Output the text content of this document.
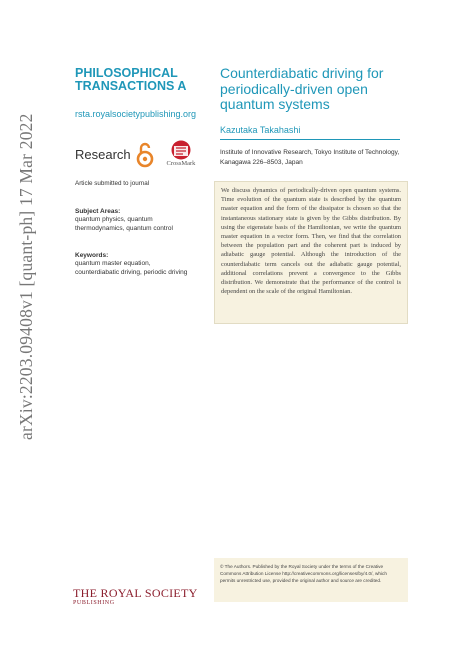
arXiv:2203.09408v1 [quant-ph] 17 Mar 2022
PHILOSOPHICAL TRANSACTIONS A
rsta.royalsocietypublishing.org
Research
CrossMark
Article submitted to journal
Subject Areas:
quantum physics, quantum thermodynamics, quantum control
Keywords:
quantum master equation, counterdiabatic driving, periodic driving
Counterdiabatic driving for periodically-driven open quantum systems
Kazutaka Takahashi
Institute of Innovative Research, Tokyo Institute of Technology, Kanagawa 226–8503, Japan
We discuss dynamics of periodically-driven open quantum systems. Time evolution of the quantum state is described by the quantum master equation and the form of the dissipator is chosen so that the instantaneous stationary state is given by the Gibbs distribution. By using the eigenstate basis of the Hamiltonian, we write the quantum master equation in a vector form. Then, we find that the correlation between the population part and the coherent part is induced by adiabatic gauge potential. Although the introduction of the counterdiabatic term cancels out the adiabatic gauge potential, additional correlations prevent a convergence to the Gibbs distribution. We demonstrate that the performance of the control is dependent on the scale of the original Hamiltonian.
© The Authors. Published by the Royal Society under the terms of the Creative Commons Attribution License http://creativecommons.org/licenses/by/4.0/, which permits unrestricted use, provided the original author and source are credited.
THE ROYAL SOCIETY
PUBLISHING
